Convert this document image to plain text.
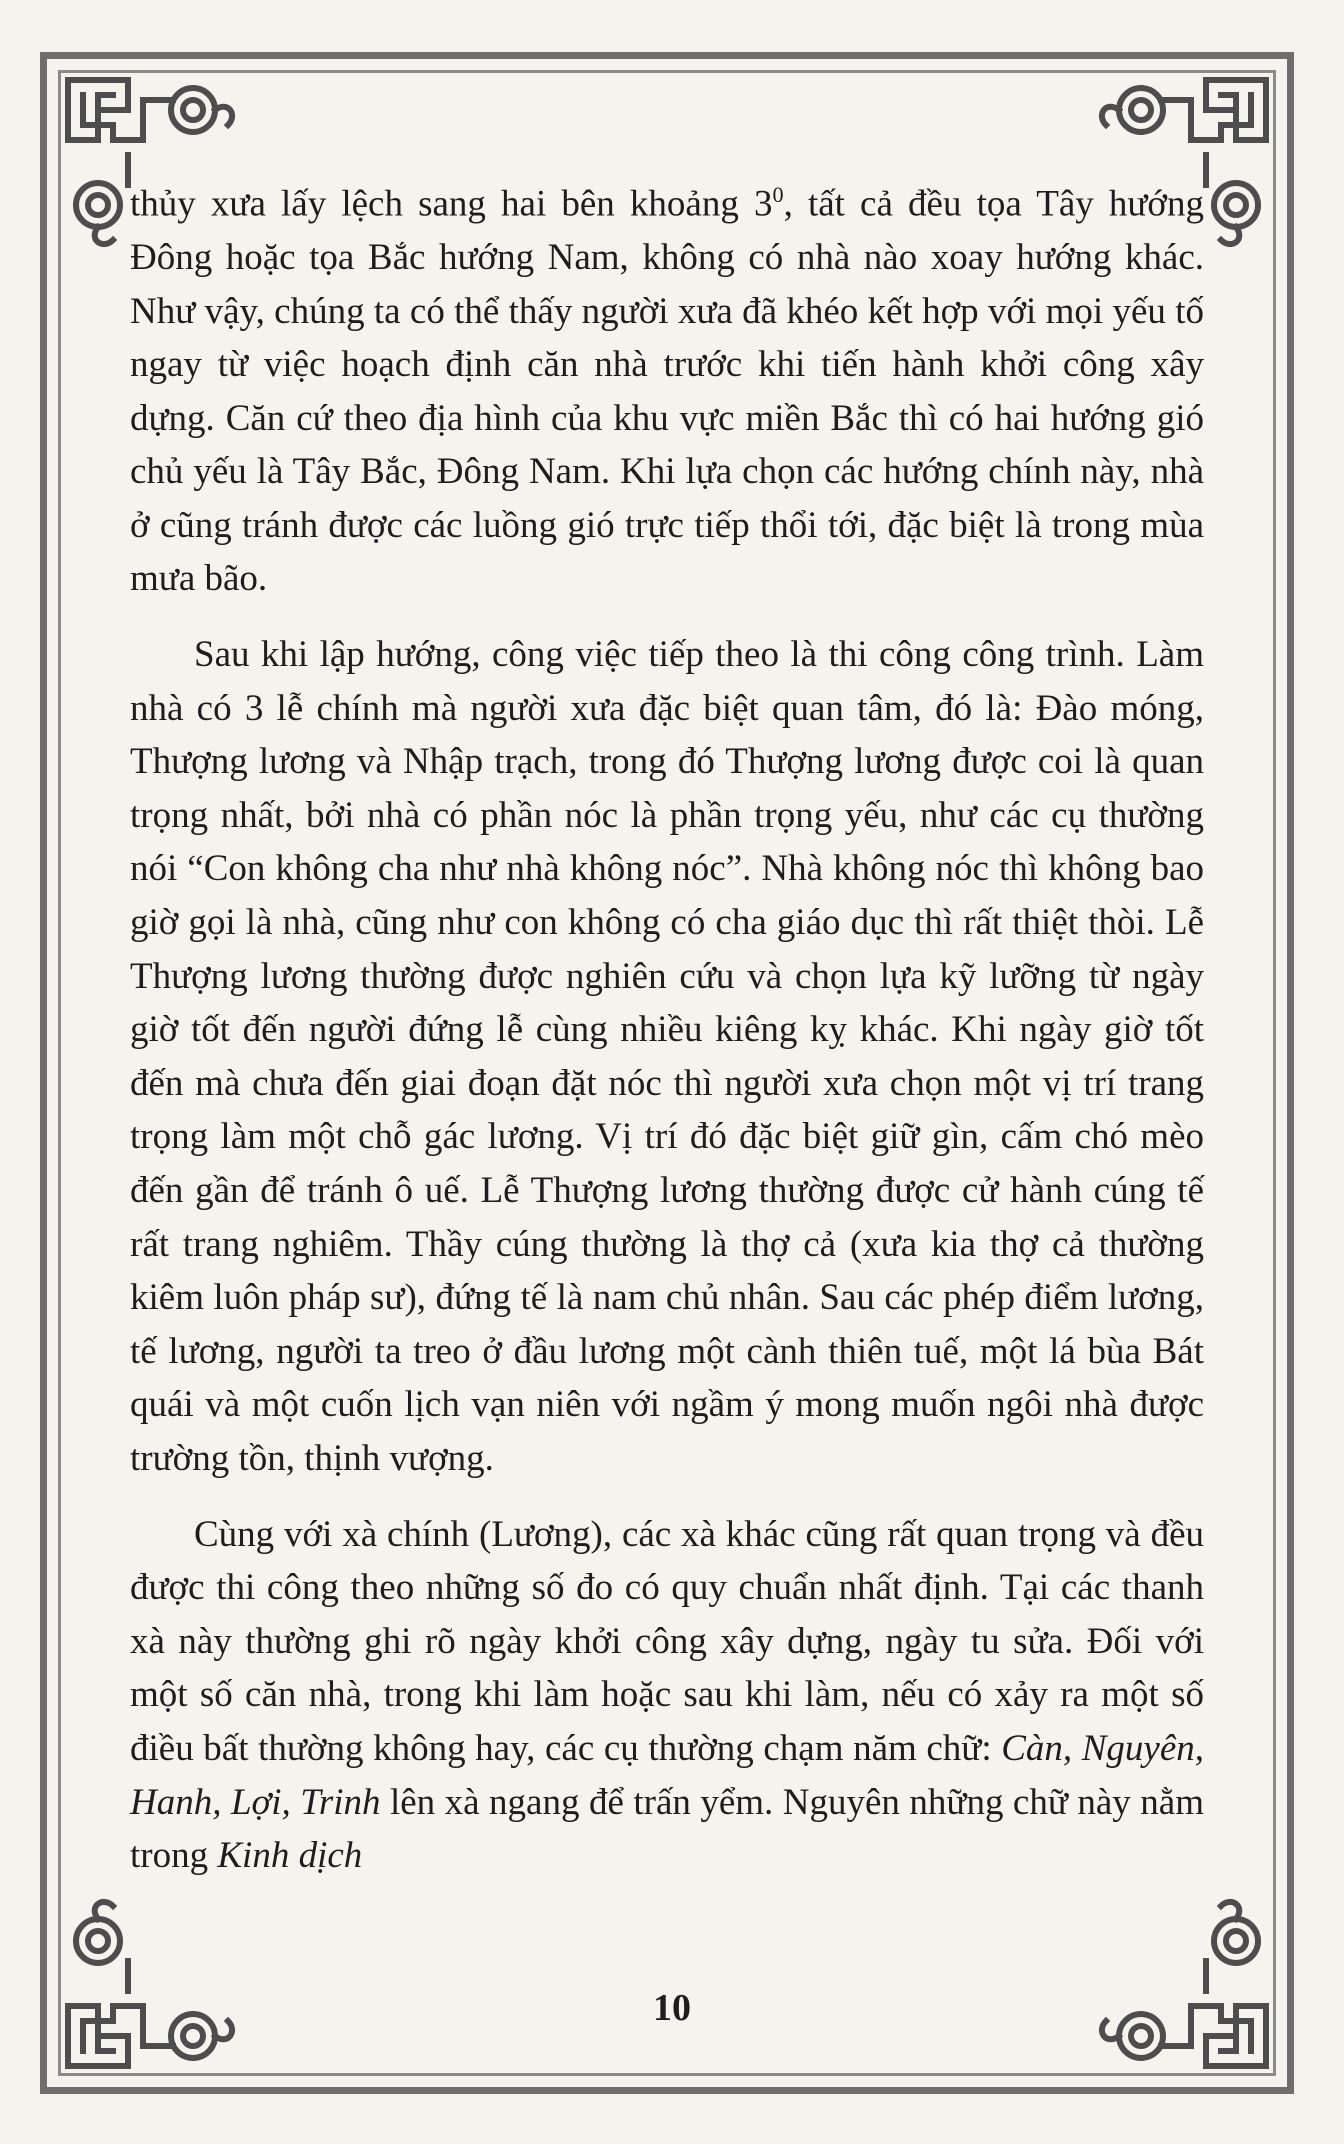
thủy xưa lấy lệch sang hai bên khoảng $3^0$, tất cả đều tọa Tây hướng Đông hoặc tọa Bắc hướng Nam, không có nhà nào xoay hướng khác. Như vậy, chúng ta có thể thấy người xưa đã khéo kết hợp với mọi yếu tố ngay từ việc hoạch định căn nhà trước khi tiến hành khởi công xây dựng. Căn cứ theo địa hình của khu vực miền Bắc thì có hai hướng gió chủ yếu là Tây Bắc, Đông Nam. Khi lựa chọn các hướng chính này, nhà ở cũng tránh được các luồng gió trực tiếp thổi tới, đặc biệt là trong mùa mưa bão.

Sau khi lập hướng, công việc tiếp theo là thi công công trình. Làm nhà có 3 lễ chính mà người xưa đặc biệt quan tâm, đó là: Đào móng, Thượng lương và Nhập trạch, trong đó Thượng lương được coi là quan trọng nhất, bởi nhà có phần nóc là phần trọng yếu, như các cụ thường nói “Con không cha như nhà không nóc”. Nhà không nóc thì không bao giờ gọi là nhà, cũng như con không có cha giáo dục thì rất thiệt thòi. Lễ Thượng lương thường được nghiên cứu và chọn lựa kỹ lưỡng từ ngày giờ tốt đến người đứng lễ cùng nhiều kiêng kỵ khác. Khi ngày giờ tốt đến mà chưa đến giai đoạn đặt nóc thì người xưa chọn một vị trí trang trọng làm một chỗ gác lương. Vị trí đó đặc biệt giữ gìn, cấm chó mèo đến gần để tránh ô uế. Lễ Thượng lương thường được cử hành cúng tế rất trang nghiêm. Thầy cúng thường là thợ cả (xưa kia thợ cả thường kiêm luôn pháp sư), đứng tế là nam chủ nhân. Sau các phép điểm lương, tế lương, người ta treo ở đầu lương một cành thiên tuế, một lá bùa Bát quái và một cuốn lịch vạn niên với ngầm ý mong muốn ngôi nhà được trường tồn, thịnh vượng.

Cùng với xà chính (Lương), các xà khác cũng rất quan trọng và đều được thi công theo những số đo có quy chuẩn nhất định. Tại các thanh xà này thường ghi rõ ngày khởi công xây dựng, ngày tu sửa. Đối với một số căn nhà, trong khi làm hoặc sau khi làm, nếu có xảy ra một số điều bất thường không hay, các cụ thường chạm năm chữ: Càn, Nguyên, Hanh, Lợi, Trinh lên xà ngang để trấn yểm. Nguyên những chữ này nằm trong Kinh dịch

10
